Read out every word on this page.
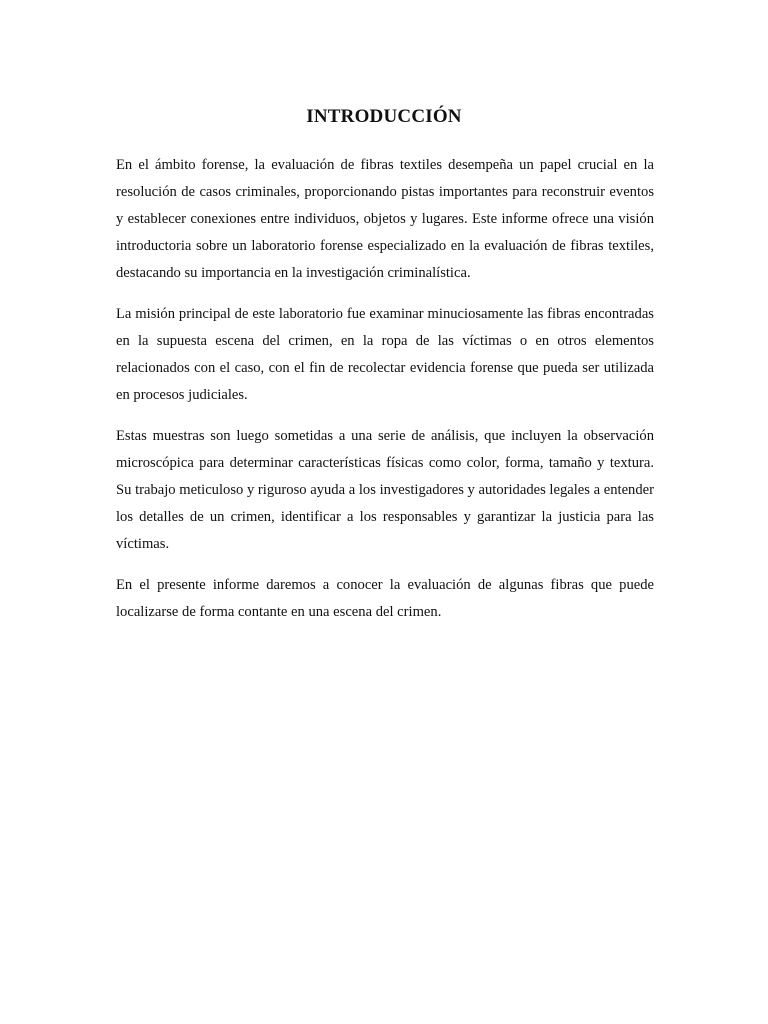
INTRODUCCIÓN

En el ámbito forense, la evaluación de fibras textiles desempeña un papel crucial en la resolución de casos criminales, proporcionando pistas importantes para reconstruir eventos y establecer conexiones entre individuos, objetos y lugares. Este informe ofrece una visión introductoria sobre un laboratorio forense especializado en la evaluación de fibras textiles, destacando su importancia en la investigación criminalística.

La misión principal de este laboratorio fue examinar minuciosamente las fibras encontradas en la supuesta escena del crimen, en la ropa de las víctimas o en otros elementos relacionados con el caso, con el fin de recolectar evidencia forense que pueda ser utilizada en procesos judiciales.

Estas muestras son luego sometidas a una serie de análisis, que incluyen la observación microscópica para determinar características físicas como color, forma, tamaño y textura. Su trabajo meticuloso y riguroso ayuda a los investigadores y autoridades legales a entender los detalles de un crimen, identificar a los responsables y garantizar la justicia para las víctimas.

En el presente informe daremos a conocer la evaluación de algunas fibras que puede localizarse de forma contante en una escena del crimen.
